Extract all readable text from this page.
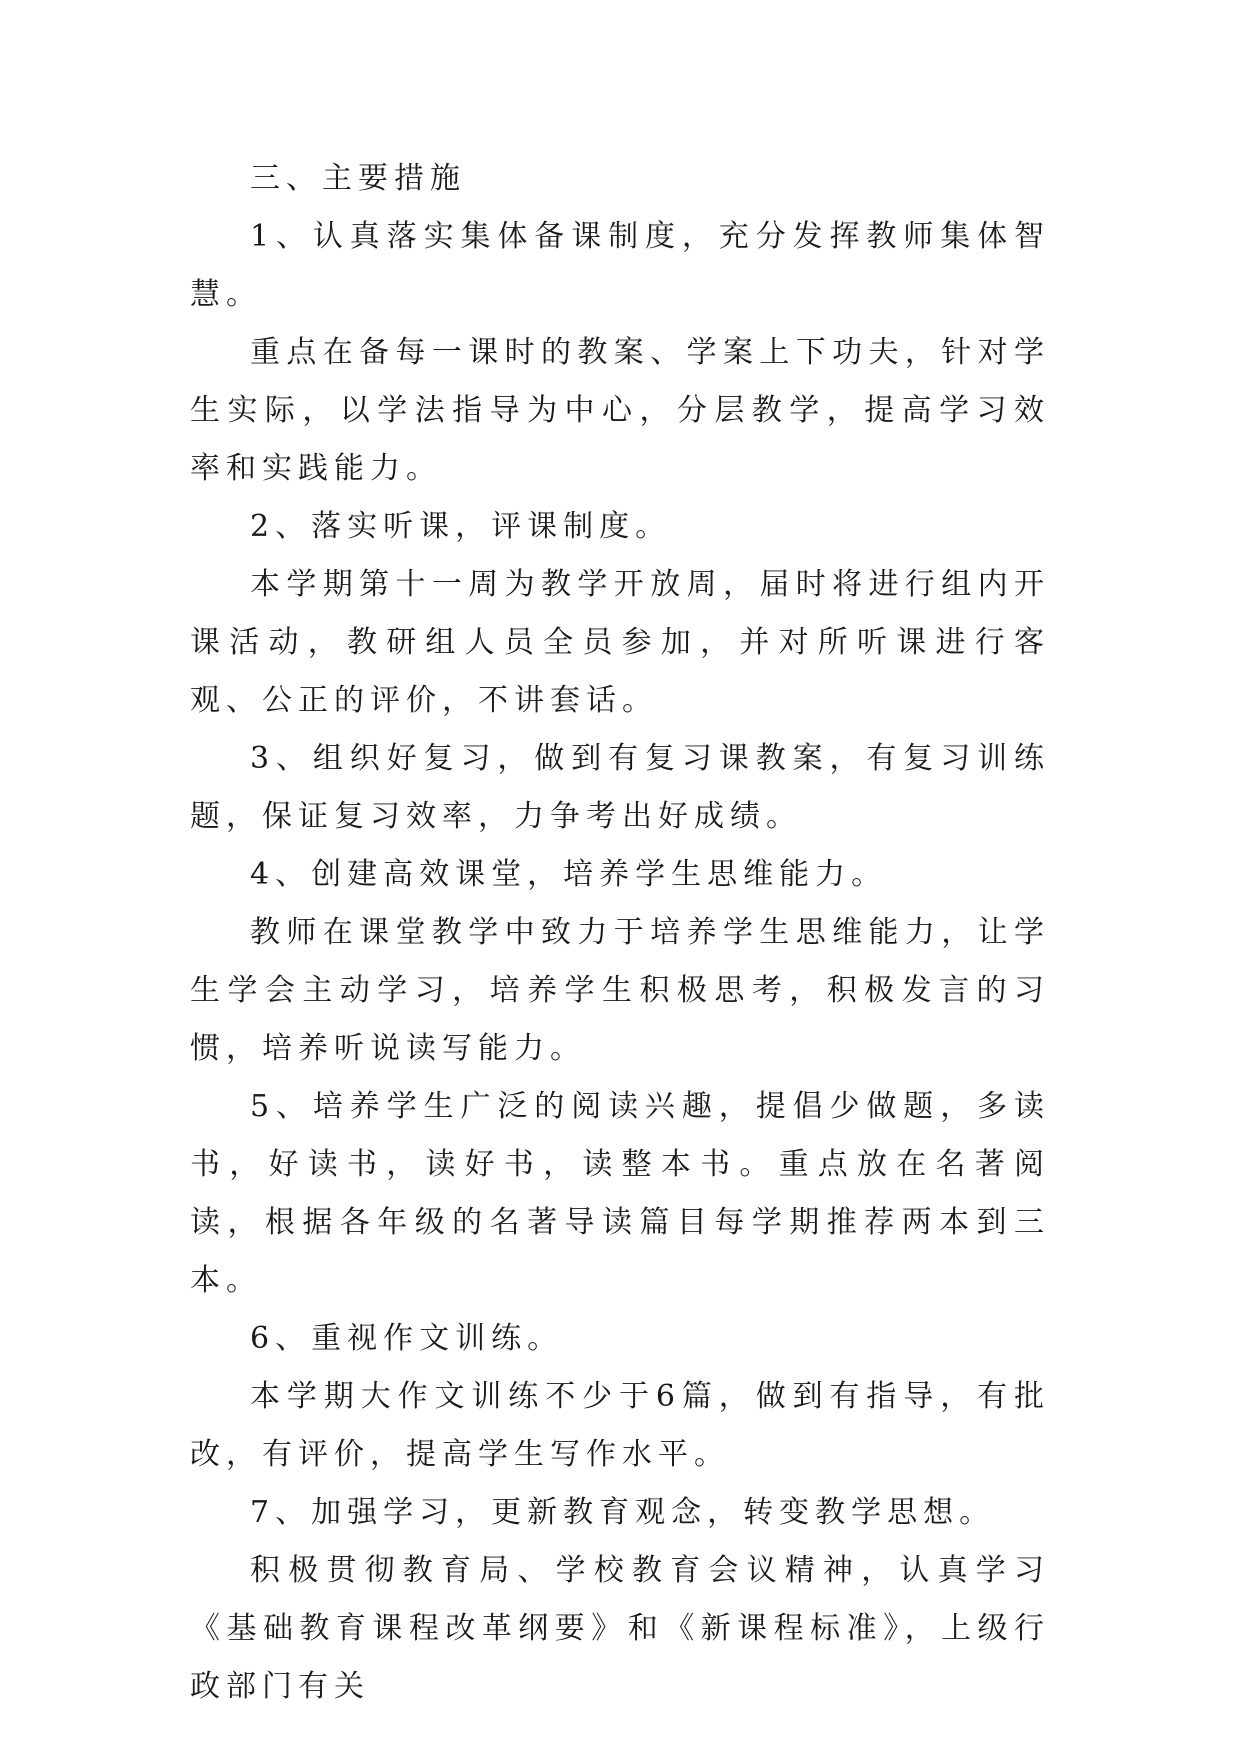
三、主要措施

1、认真落实集体备课制度，充分发挥教师集体智慧。

重点在备每一课时的教案、学案上下功夫，针对学生实际，以学法指导为中心，分层教学，提高学习效率和实践能力。

2、落实听课，评课制度。

本学期第十一周为教学开放周，届时将进行组内开课活动，教研组人员全员参加，并对所听课进行客观、公正的评价，不讲套话。

3、组织好复习，做到有复习课教案，有复习训练题，保证复习效率，力争考出好成绩。

4、创建高效课堂，培养学生思维能力。

教师在课堂教学中致力于培养学生思维能力，让学生学会主动学习，培养学生积极思考，积极发言的习惯，培养听说读写能力。

5、培养学生广泛的阅读兴趣，提倡少做题，多读书，好读书，读好书，读整本书。重点放在名著阅读，根据各年级的名著导读篇目每学期推荐两本到三本。

6、重视作文训练。

本学期大作文训练不少于6篇，做到有指导，有批改，有评价，提高学生写作水平。

7、加强学习，更新教育观念，转变教学思想。

积极贯彻教育局、学校教育会议精神，认真学习《基础教育课程改革纲要》和《新课程标准》，上级行政部门有关
